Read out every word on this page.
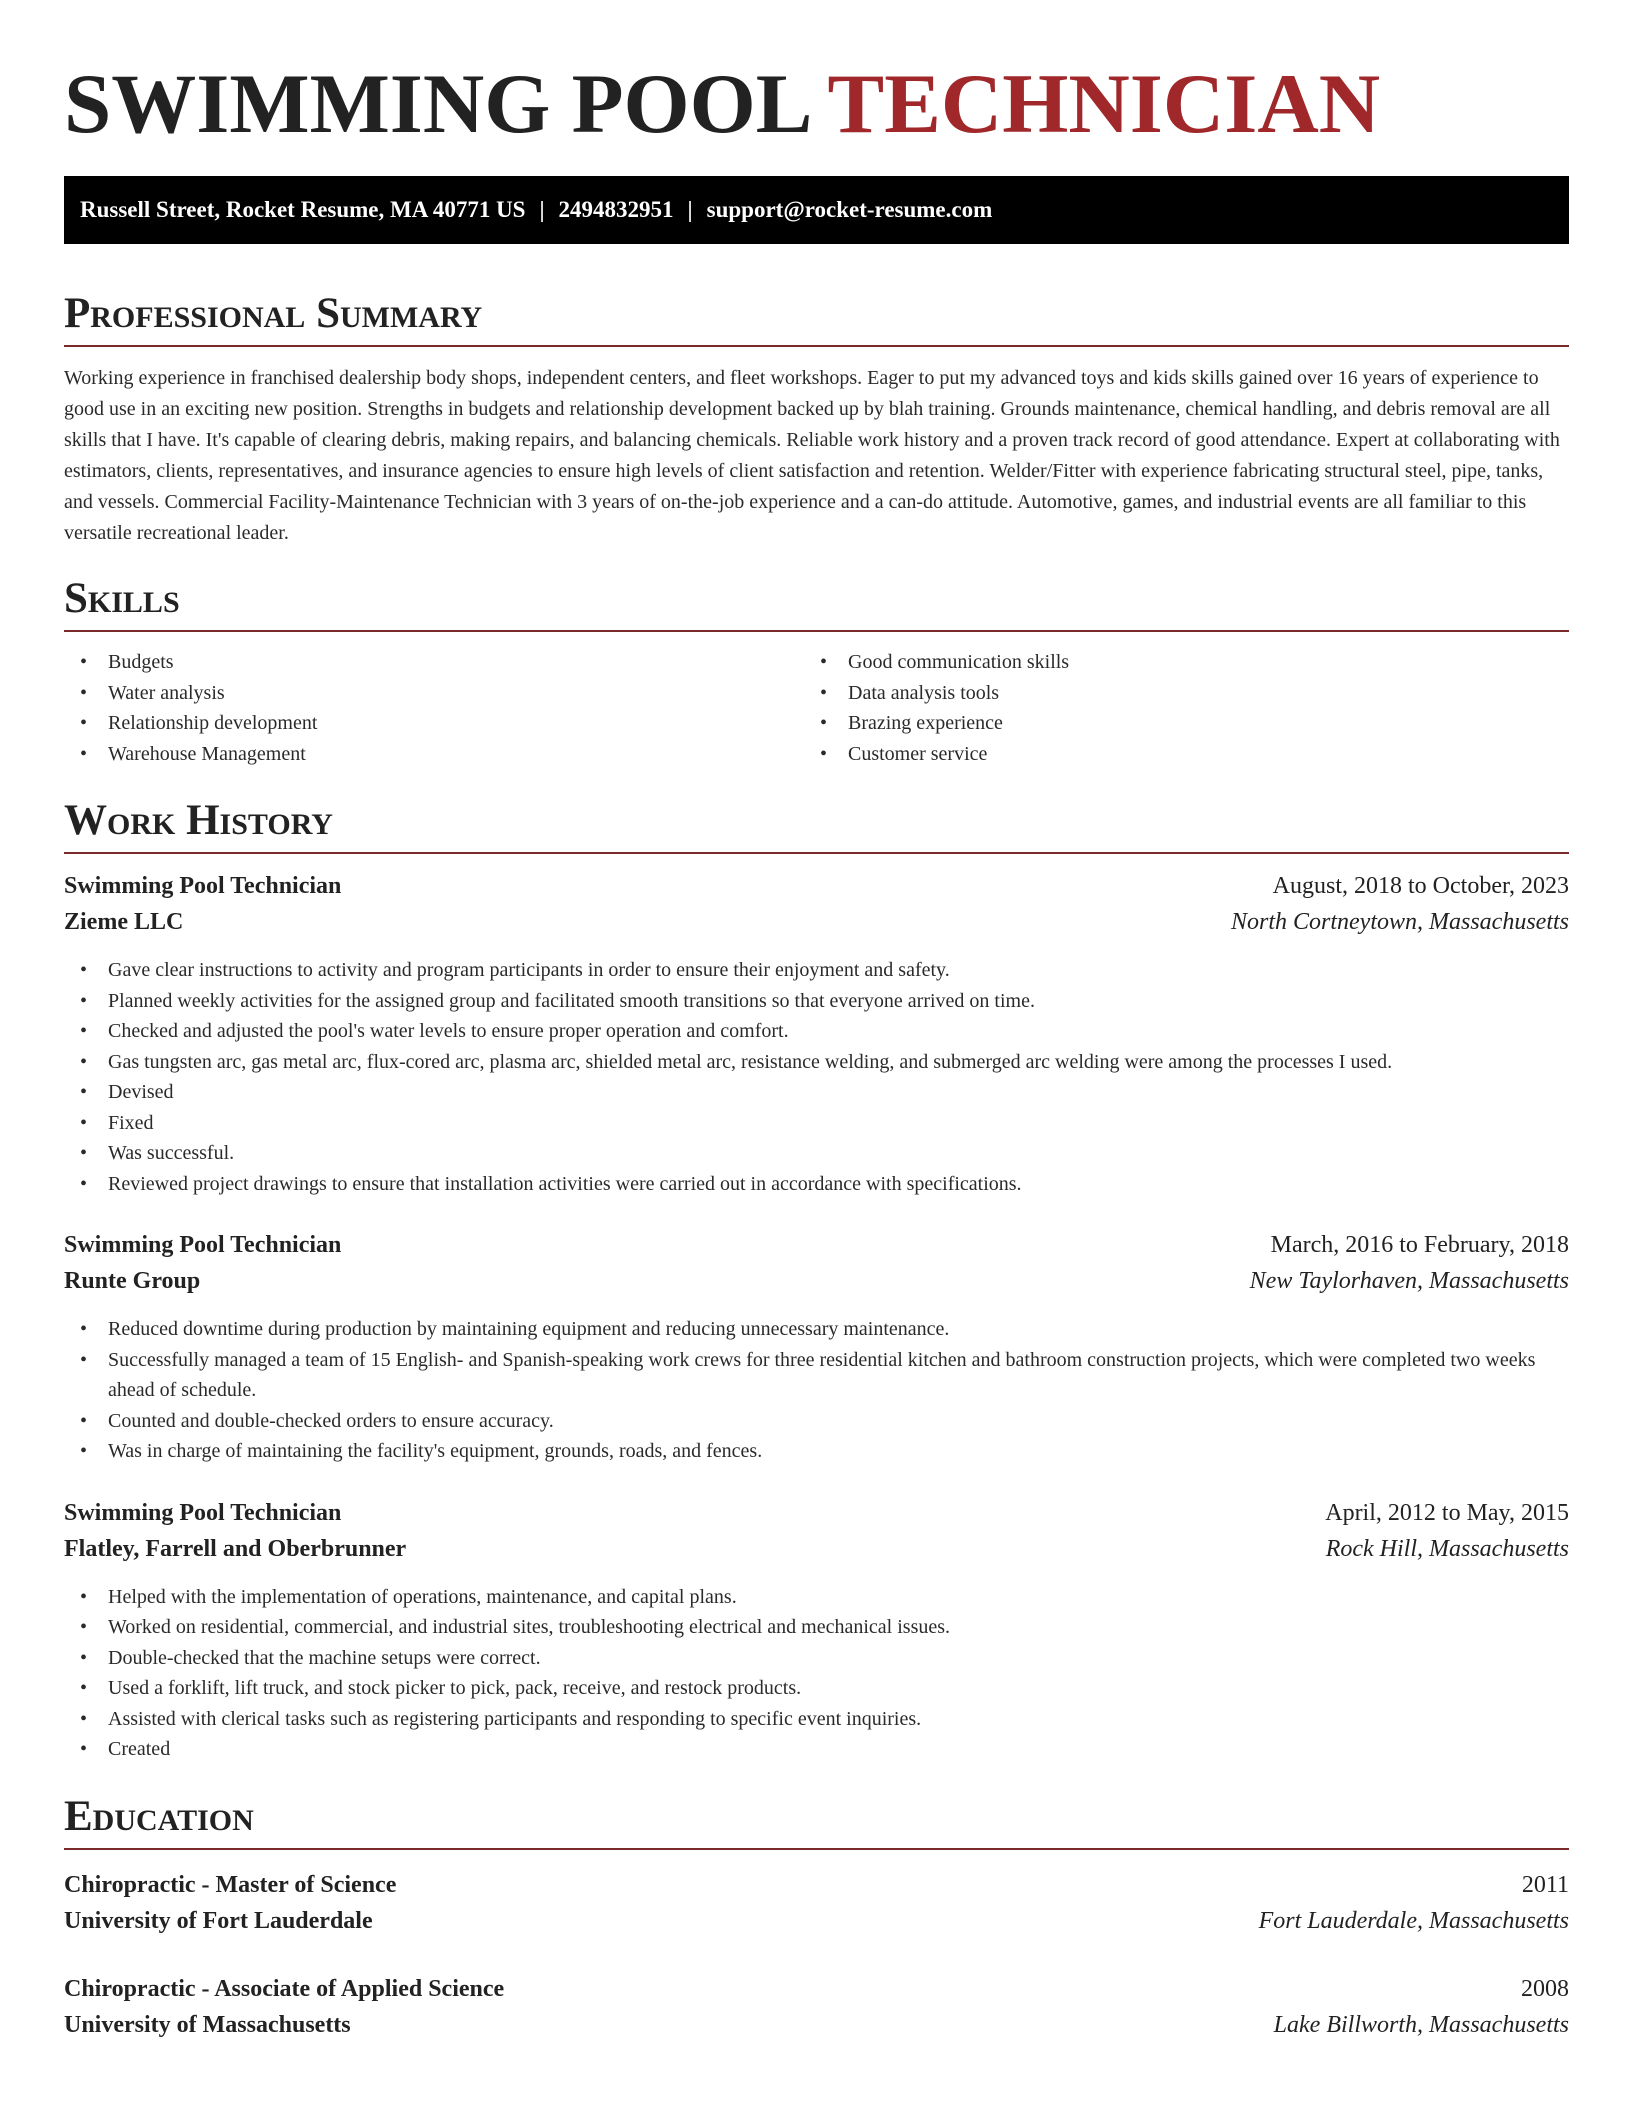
SWIMMING POOL TECHNICIAN
Russell Street, Rocket Resume, MA 40771 US | 2494832951 | support@rocket-resume.com
Professional Summary

Working experience in franchised dealership body shops, independent centers, and fleet workshops. Eager to put my advanced toys and kids skills gained over 16 years of experience to good use in an exciting new position. Strengths in budgets and relationship development backed up by blah training. Grounds maintenance, chemical handling, and debris removal are all skills that I have. It's capable of clearing debris, making repairs, and balancing chemicals. Reliable work history and a proven track record of good attendance. Expert at collaborating with estimators, clients, representatives, and insurance agencies to ensure high levels of client satisfaction and retention. Welder/Fitter with experience fabricating structural steel, pipe, tanks, and vessels. Commercial Facility-Maintenance Technician with 3 years of on-the-job experience and a can-do attitude. Automotive, games, and industrial events are all familiar to this versatile recreational leader.

Skills
• Budgets
• Water analysis
• Relationship development
• Warehouse Management
• Good communication skills
• Data analysis tools
• Brazing experience
• Customer service
Work History
Swimming Pool Technician	August, 2018 to October, 2023
Zieme LLC	North Cortneytown, Massachusetts
• Gave clear instructions to activity and program participants in order to ensure their enjoyment and safety.
• Planned weekly activities for the assigned group and facilitated smooth transitions so that everyone arrived on time.
• Checked and adjusted the pool's water levels to ensure proper operation and comfort.
• Gas tungsten arc, gas metal arc, flux-cored arc, plasma arc, shielded metal arc, resistance welding, and submerged arc welding were among the processes I used.
• Devised
• Fixed
• Was successful.
• Reviewed project drawings to ensure that installation activities were carried out in accordance with specifications.
Swimming Pool Technician	March, 2016 to February, 2018
Runte Group	New Taylorhaven, Massachusetts
• Reduced downtime during production by maintaining equipment and reducing unnecessary maintenance.
• Successfully managed a team of 15 English- and Spanish-speaking work crews for three residential kitchen and bathroom construction projects, which were completed two weeks ahead of schedule.
• Counted and double-checked orders to ensure accuracy.
• Was in charge of maintaining the facility's equipment, grounds, roads, and fences.
Swimming Pool Technician	April, 2012 to May, 2015
Flatley, Farrell and Oberbrunner	Rock Hill, Massachusetts
• Helped with the implementation of operations, maintenance, and capital plans.
• Worked on residential, commercial, and industrial sites, troubleshooting electrical and mechanical issues.
• Double-checked that the machine setups were correct.
• Used a forklift, lift truck, and stock picker to pick, pack, receive, and restock products.
• Assisted with clerical tasks such as registering participants and responding to specific event inquiries.
• Created
Education
Chiropractic - Master of Science	2011
University of Fort Lauderdale	Fort Lauderdale, Massachusetts
Chiropractic - Associate of Applied Science	2008
University of Massachusetts	Lake Billworth, Massachusetts
